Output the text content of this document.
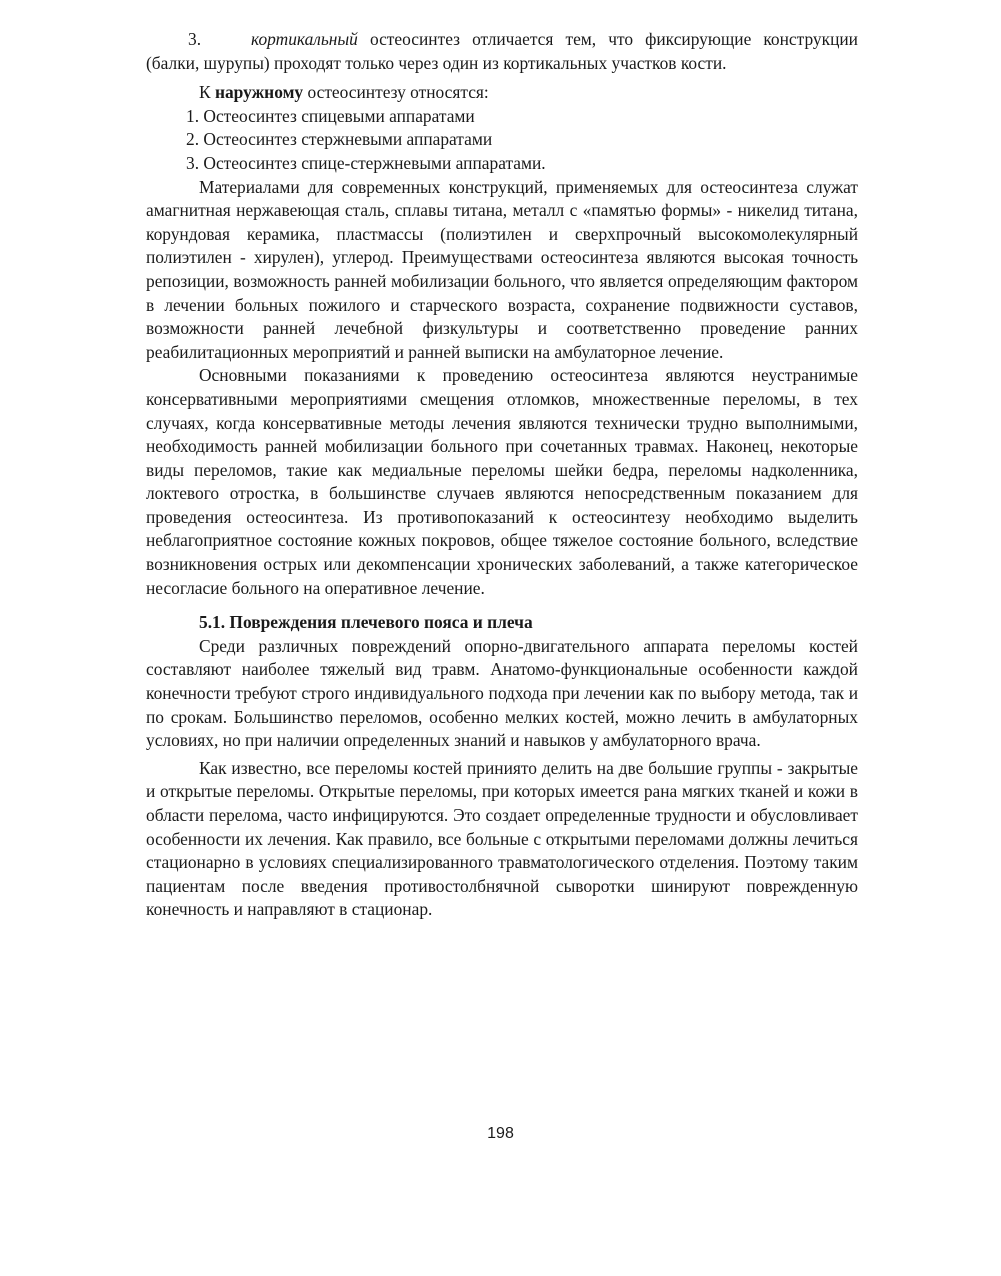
3.	кортикальный остеосинтез отличается тем, что фиксирующие конструкции (балки, шурупы) проходят только через один из кортикальных участков кости.

К наружному остеосинтезу относятся:

1. Остеосинтез спицевыми аппаратами

2. Остеосинтез стержневыми аппаратами

3. Остеосинтез спице-стержневыми аппаратами.

Материалами для современных конструкций, применяемых для остеосинтеза служат амагнитная нержавеющая сталь, сплавы титана, металл с «памятью формы» - никелид титана, корундовая керамика, пластмассы (полиэтилен и сверхпрочный высокомолекулярный полиэтилен - хирулен), углерод. Преимуществами остеосинтеза являются высокая точность репозиции, возможность ранней мобилизации больного, что является определяющим фактором в лечении больных пожилого и старческого возраста, сохранение подвижности суставов, возможности ранней лечебной физкультуры и соответственно проведение ранних реабилитационных мероприятий и ранней выписки на амбулаторное лечение.

Основными показаниями к проведению остеосинтеза являются неустранимые консервативными мероприятиями смещения отломков, множественные переломы, в тех случаях, когда консервативные методы лечения являются технически трудно выполнимыми, необходимость ранней мобилизации больного при сочетанных травмах. Наконец, некоторые виды переломов, такие как медиальные переломы шейки бедра, переломы надколенника, локтевого отростка, в большинстве случаев являются непосредственным показанием для проведения остеосинтеза. Из противопоказаний к остеосинтезу необходимо выделить неблагоприятное состояние кожных покровов, общее тяжелое состояние больного, вследствие возникновения острых или декомпенсации хронических заболеваний, а также категорическое несогласие больного на оперативное лечение.

5.1. Повреждения плечевого пояса и плеча

Среди различных повреждений опорно-двигательного аппарата переломы костей составляют наиболее тяжелый вид травм. Анатомо-функциональные особенности каждой конечности требуют строго индивидуального подхода при лечении как по выбору метода, так и по срокам. Большинство переломов, особенно мелких костей, можно лечить в амбулаторных условиях, но при наличии определенных знаний и навыков у амбулаторного врача.

Как известно, все переломы костей приниято делить на две большие группы - закрытые и открытые переломы. Открытые переломы, при которых имеется рана мягких тканей и кожи в области перелома, часто инфицируются. Это создает определенные трудности и обусловливает особенности их лечения. Как правило, все больные с открытыми переломами должны лечиться стационарно в условиях специализированного травматологического отделения. Поэтому таким пациентам после введения противостолбнячной сыворотки шинируют поврежденную конечность и направляют в стационар.

198
